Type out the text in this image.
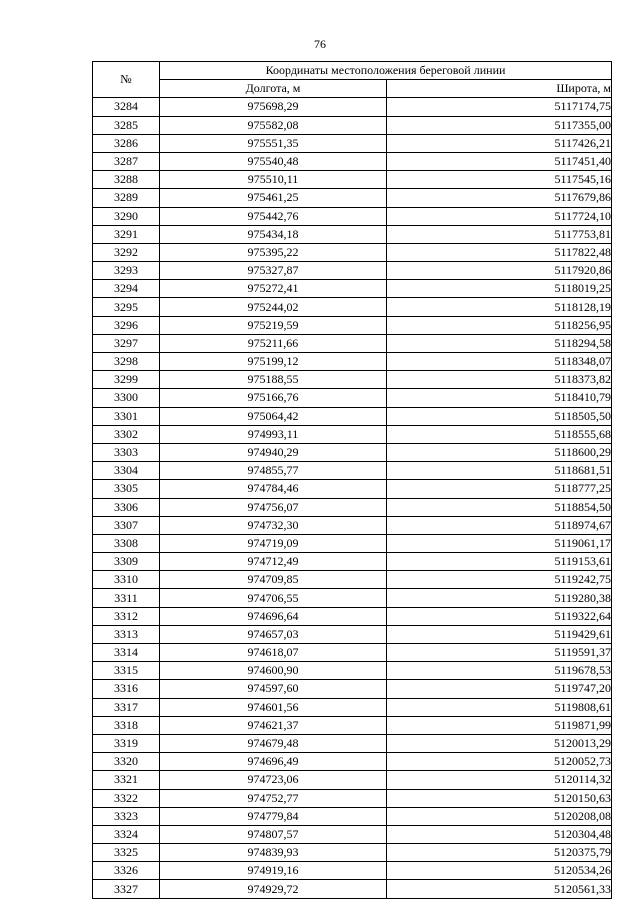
76
№	Координаты местоположения береговой линии	
	Долгота, м	Широта, м
3284	975698,29	5117174,75
3285	975582,08	5117355,00
3286	975551,35	5117426,21
3287	975540,48	5117451,40
3288	975510,11	5117545,16
3289	975461,25	5117679,86
3290	975442,76	5117724,10
3291	975434,18	5117753,81
3292	975395,22	5117822,48
3293	975327,87	5117920,86
3294	975272,41	5118019,25
3295	975244,02	5118128,19
3296	975219,59	5118256,95
3297	975211,66	5118294,58
3298	975199,12	5118348,07
3299	975188,55	5118373,82
3300	975166,76	5118410,79
3301	975064,42	5118505,50
3302	974993,11	5118555,68
3303	974940,29	5118600,29
3304	974855,77	5118681,51
3305	974784,46	5118777,25
3306	974756,07	5118854,50
3307	974732,30	5118974,67
3308	974719,09	5119061,17
3309	974712,49	5119153,61
3310	974709,85	5119242,75
3311	974706,55	5119280,38
3312	974696,64	5119322,64
3313	974657,03	5119429,61
3314	974618,07	5119591,37
3315	974600,90	5119678,53
3316	974597,60	5119747,20
3317	974601,56	5119808,61
3318	974621,37	5119871,99
3319	974679,48	5120013,29
3320	974696,49	5120052,73
3321	974723,06	5120114,32
3322	974752,77	5120150,63
3323	974779,84	5120208,08
3324	974807,57	5120304,48
3325	974839,93	5120375,79
3326	974919,16	5120534,26
3327	974929,72	5120561,33
